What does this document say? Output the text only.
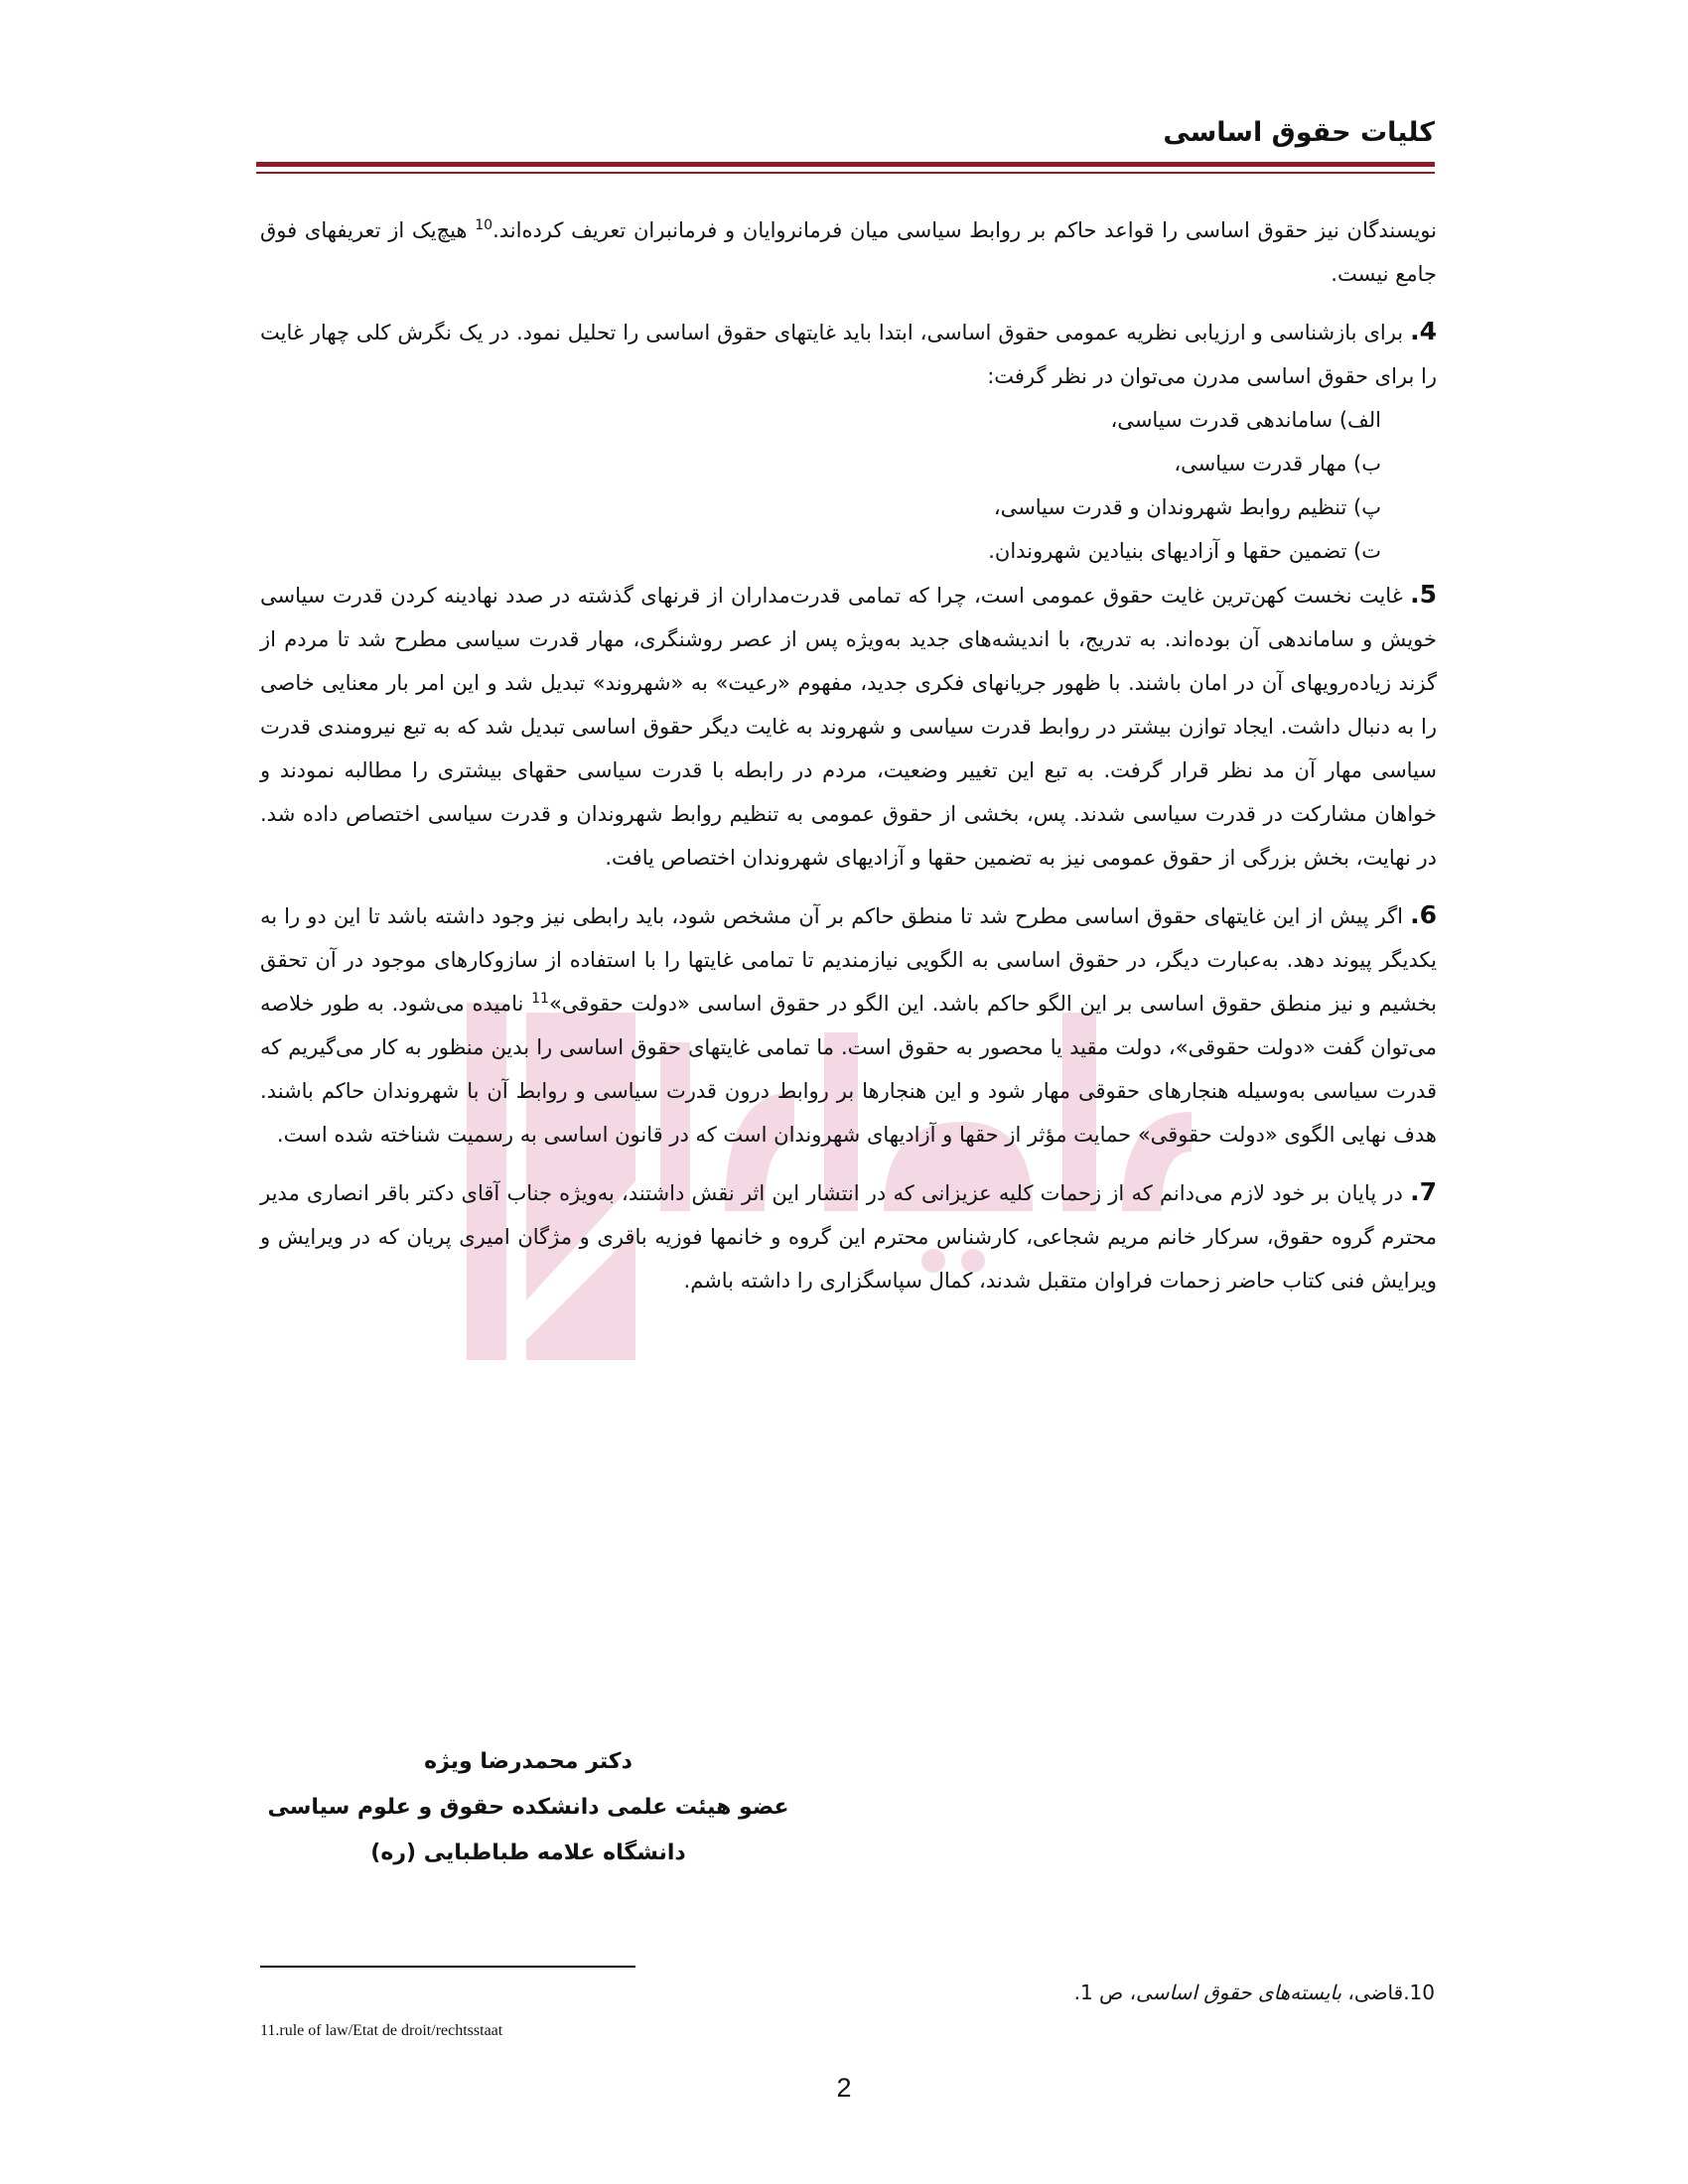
کلیات حقوق اساسی

نویسندگان نیز حقوق اساسی را قواعد حاکم بر روابط سیاسی میان فرمانروایان و فرمانبران تعریف کرده‌اند.$^{10}$ هیچ‌یک از تعریفهای فوق جامع نیست.

4. برای بازشناسی و ارزیابی نظریه عمومی حقوق اساسی، ابتدا باید غایتهای حقوق اساسی را تحلیل نمود. در یک نگرش کلی چهار غایت را برای حقوق اساسی مدرن می‌توان در نظر گرفت:

الف) ساماندهی قدرت سیاسی،

ب) مهار قدرت سیاسی،

پ) تنظیم روابط شهروندان و قدرت سیاسی،

ت) تضمین حقها و آزادیهای بنیادین شهروندان.

5. غایت نخست کهن‌ترین غایت حقوق عمومی است، چرا که تمامی قدرت‌مداران از قرنهای گذشته در صدد نهادینه کردن قدرت سیاسی خویش و ساماندهی آن بوده‌اند. به تدریج، با اندیشه‌های جدید به‌ویژه پس از عصر روشنگری، مهار قدرت سیاسی مطرح شد تا مردم از گزند زیاده‌رویهای آن در امان باشند. با ظهور جریانهای فکری جدید، مفهوم «رعیت» به «شهروند» تبدیل شد و این امر بار معنایی خاصی را به دنبال داشت. ایجاد توازن بیشتر در روابط قدرت سیاسی و شهروند به غایت دیگر حقوق اساسی تبدیل شد که به تبع نیرومندی قدرت سیاسی مهار آن مد نظر قرار گرفت. به تبع این تغییر وضعیت، مردم در رابطه با قدرت سیاسی حقهای بیشتری را مطالبه نمودند و خواهان مشارکت در قدرت سیاسی شدند. پس، بخشی از حقوق عمومی به تنظیم روابط شهروندان و قدرت سیاسی اختصاص داده شد. در نهایت، بخش بزرگی از حقوق عمومی نیز به تضمین حقها و آزادیهای شهروندان اختصاص یافت.

6. اگر پیش از این غایتهای حقوق اساسی مطرح شد تا منطق حاکم بر آن مشخص شود، باید رابطی نیز وجود داشته باشد تا این دو را به یکدیگر پیوند دهد. به‌عبارت دیگر، در حقوق اساسی به الگویی نیازمندیم تا تمامی غایتها را با استفاده از سازوکارهای موجود در آن تحقق بخشیم و نیز منطق حقوق اساسی بر این الگو حاکم باشد. این الگو در حقوق اساسی «دولت حقوقی»$^{11}$ نامیده می‌شود. به طور خلاصه می‌توان گفت «دولت حقوقی»، دولت مقید یا محصور به حقوق است. ما تمامی غایتهای حقوق اساسی را بدین منظور به کار می‌گیریم که قدرت سیاسی به‌وسیله هنجارهای حقوقی مهار شود و این هنجارها بر روابط درون قدرت سیاسی و روابط آن با شهروندان حاکم باشند. هدف نهایی الگوی «دولت حقوقی» حمایت مؤثر از حقها و آزادیهای شهروندان است که در قانون اساسی به رسمیت شناخته شده است.

7. در پایان بر خود لازم می‌دانم که از زحمات کلیه عزیزانی که در انتشار این اثر نقش داشتند، به‌ویژه جناب آقای دکتر باقر انصاری مدیر محترم گروه حقوق، سرکار خانم مریم شجاعی، کارشناس محترم این گروه و خانمها فوزیه باقری و مژگان امیری پریان که در ویرایش و ویرایش فنی کتاب حاضر زحمات فراوان متقبل شدند، کمال سپاسگزاری را داشته باشم.

دکتر محمدرضا ویژه

عضو هیئت علمی دانشکده حقوق و علوم سیاسی

دانشگاه علامه طباطبایی (ره)

10.قاضی، بایسته‌های حقوق اساسی، ص 1.
11.rule of law/Etat de droit/rechtsstaat
2
